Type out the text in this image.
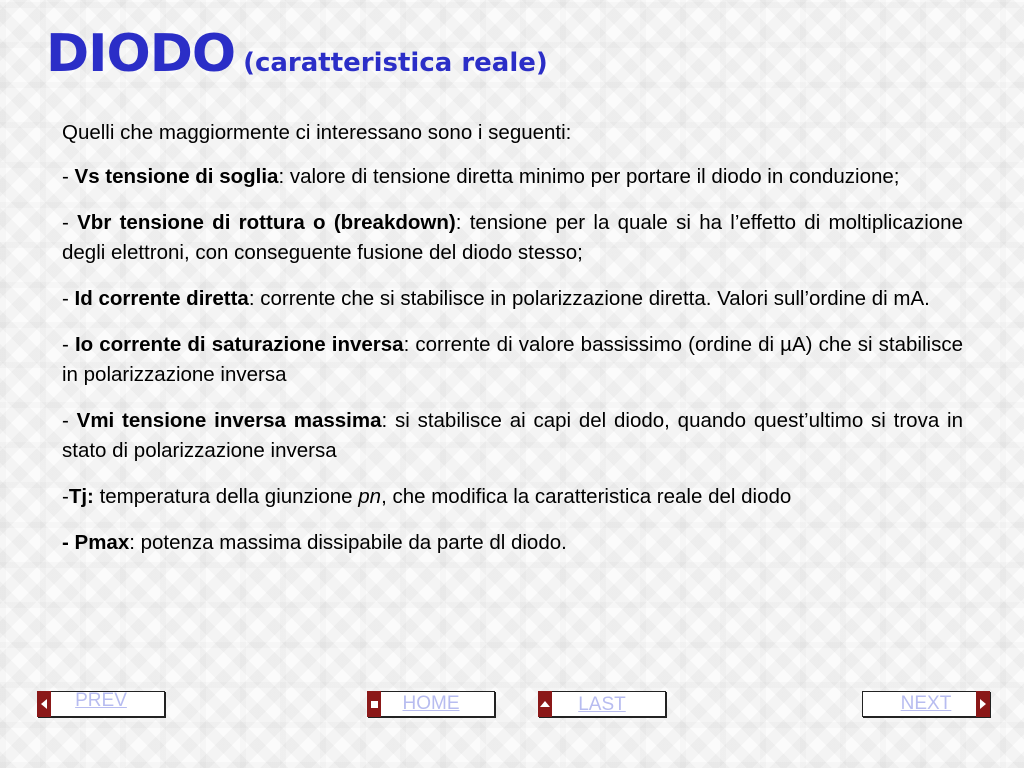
DIODO (caratteristica reale)

Quelli che maggiormente ci interessano sono i seguenti:

- Vs tensione di soglia: valore di tensione diretta minimo per portare il diodo in conduzione;

- Vbr tensione di rottura o (breakdown): tensione per la quale si ha l’effetto di moltiplicazione degli elettroni, con conseguente fusione del diodo stesso;

- Id corrente diretta: corrente che si stabilisce in polarizzazione diretta. Valori sull’ordine di mA.

- Io corrente di saturazione inversa: corrente di valore bassissimo (ordine di µA) che si stabilisce in polarizzazione inversa

- Vmi tensione inversa massima: si stabilisce ai capi del diodo, quando quest’ultimo si trova in stato di polarizzazione inversa

-Tj: temperatura della giunzione pn, che modifica la caratteristica reale del diodo

- Pmax: potenza massima dissipabile da parte dl diodo.

PREV	HOME	LAST	NEXT
